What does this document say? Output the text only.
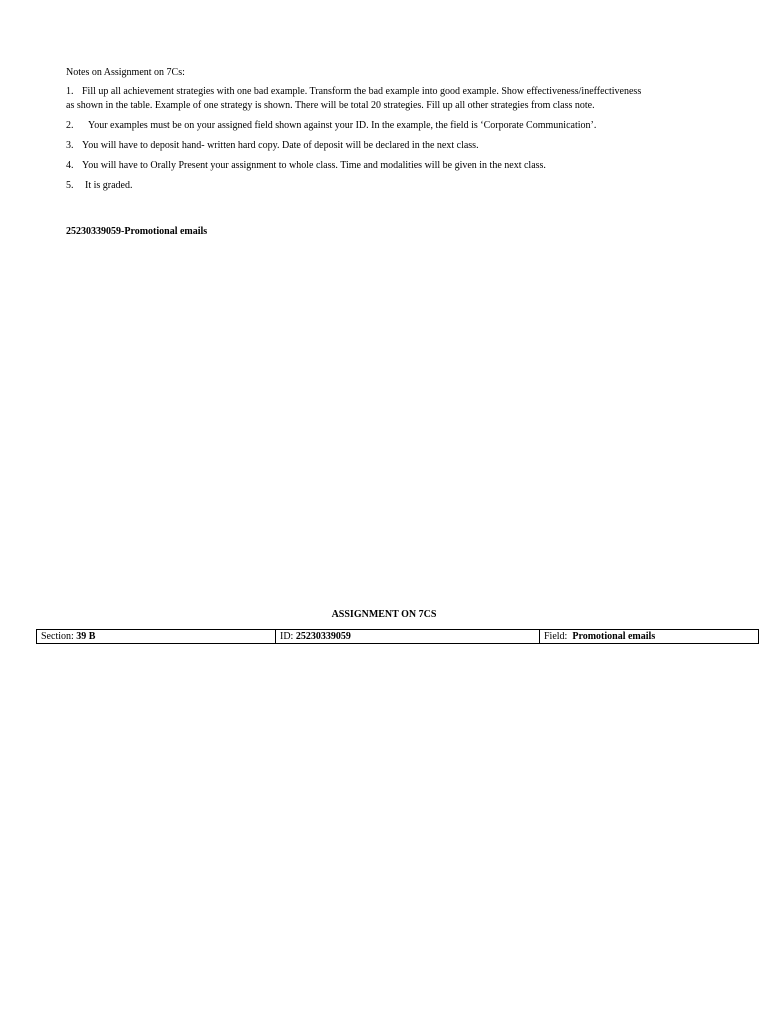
Notes on Assignment on 7Cs:
1. Fill up all achievement strategies with one bad example. Transform the bad example into good example. Show effectiveness/ineffectiveness
as shown in the table. Example of one strategy is shown. There will be total 20 strategies. Fill up all other strategies from class note.
2. Your examples must be on your assigned field shown against your ID. In the example, the field is ‘Corporate Communication’.
3. You will have to deposit hand- written hard copy. Date of deposit will be declared in the next class.
4. You will have to Orally Present your assignment to whole class. Time and modalities will be given in the next class.
5. It is graded.
25230339059-Promotional emails
ASSIGNMENT ON 7CS
Section: 39 B	ID: 25230339059	Field: Promotional emails
